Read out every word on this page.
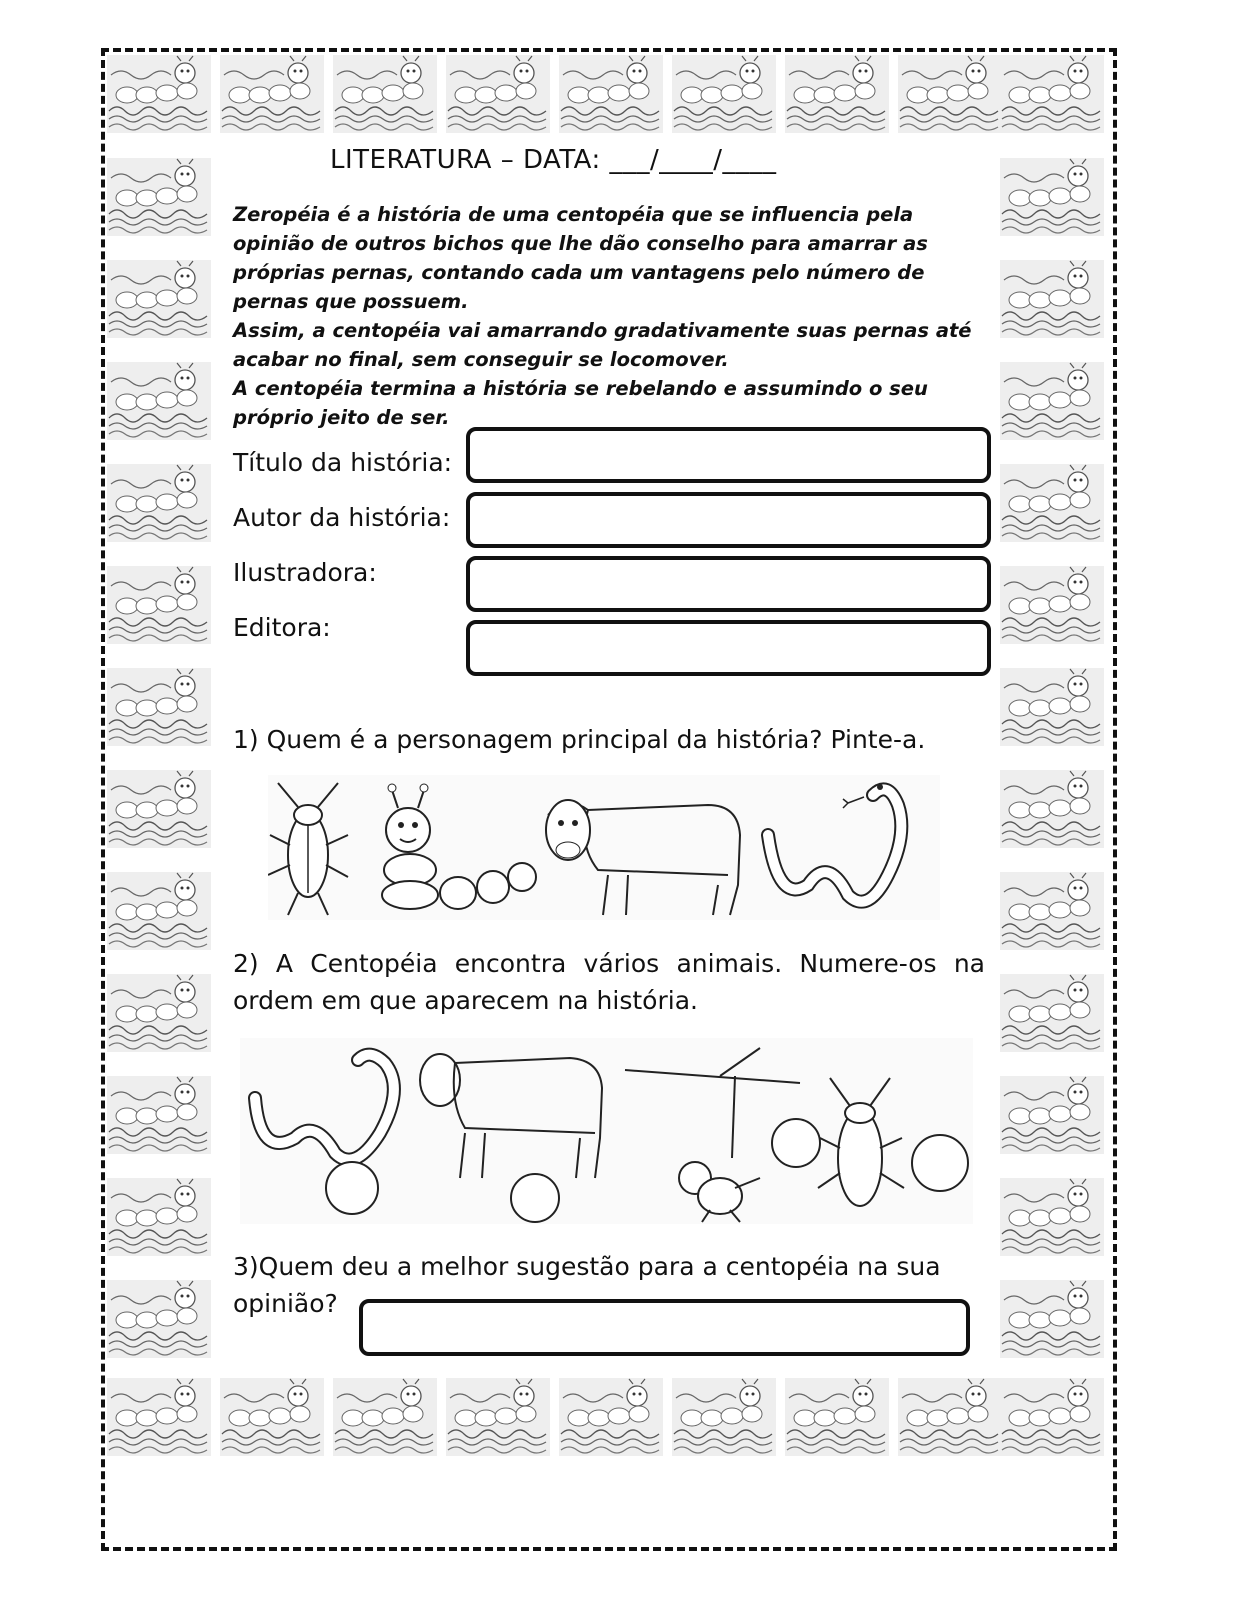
LITERATURA – DATA: ___/____/____

Zeropéia é a história de uma centopéia que se influencia pela opinião de outros bichos que lhe dão conselho para amarrar as próprias pernas, contando cada um vantagens pelo número de pernas que possuem.

Assim, a centopéia vai amarrando gradativamente suas pernas até acabar no final, sem conseguir se locomover.

A centopéia termina a história se rebelando e assumindo o seu próprio jeito de ser.

Título da história:
Autor da história:
Ilustradora:
Editora:
1) Quem é a personagem principal da história? Pinte-a.
2) A Centopéia encontra vários animais. Numere-os na ordem em que aparecem na história.
3)Quem deu a melhor sugestão para a centopéia na sua opinião?
